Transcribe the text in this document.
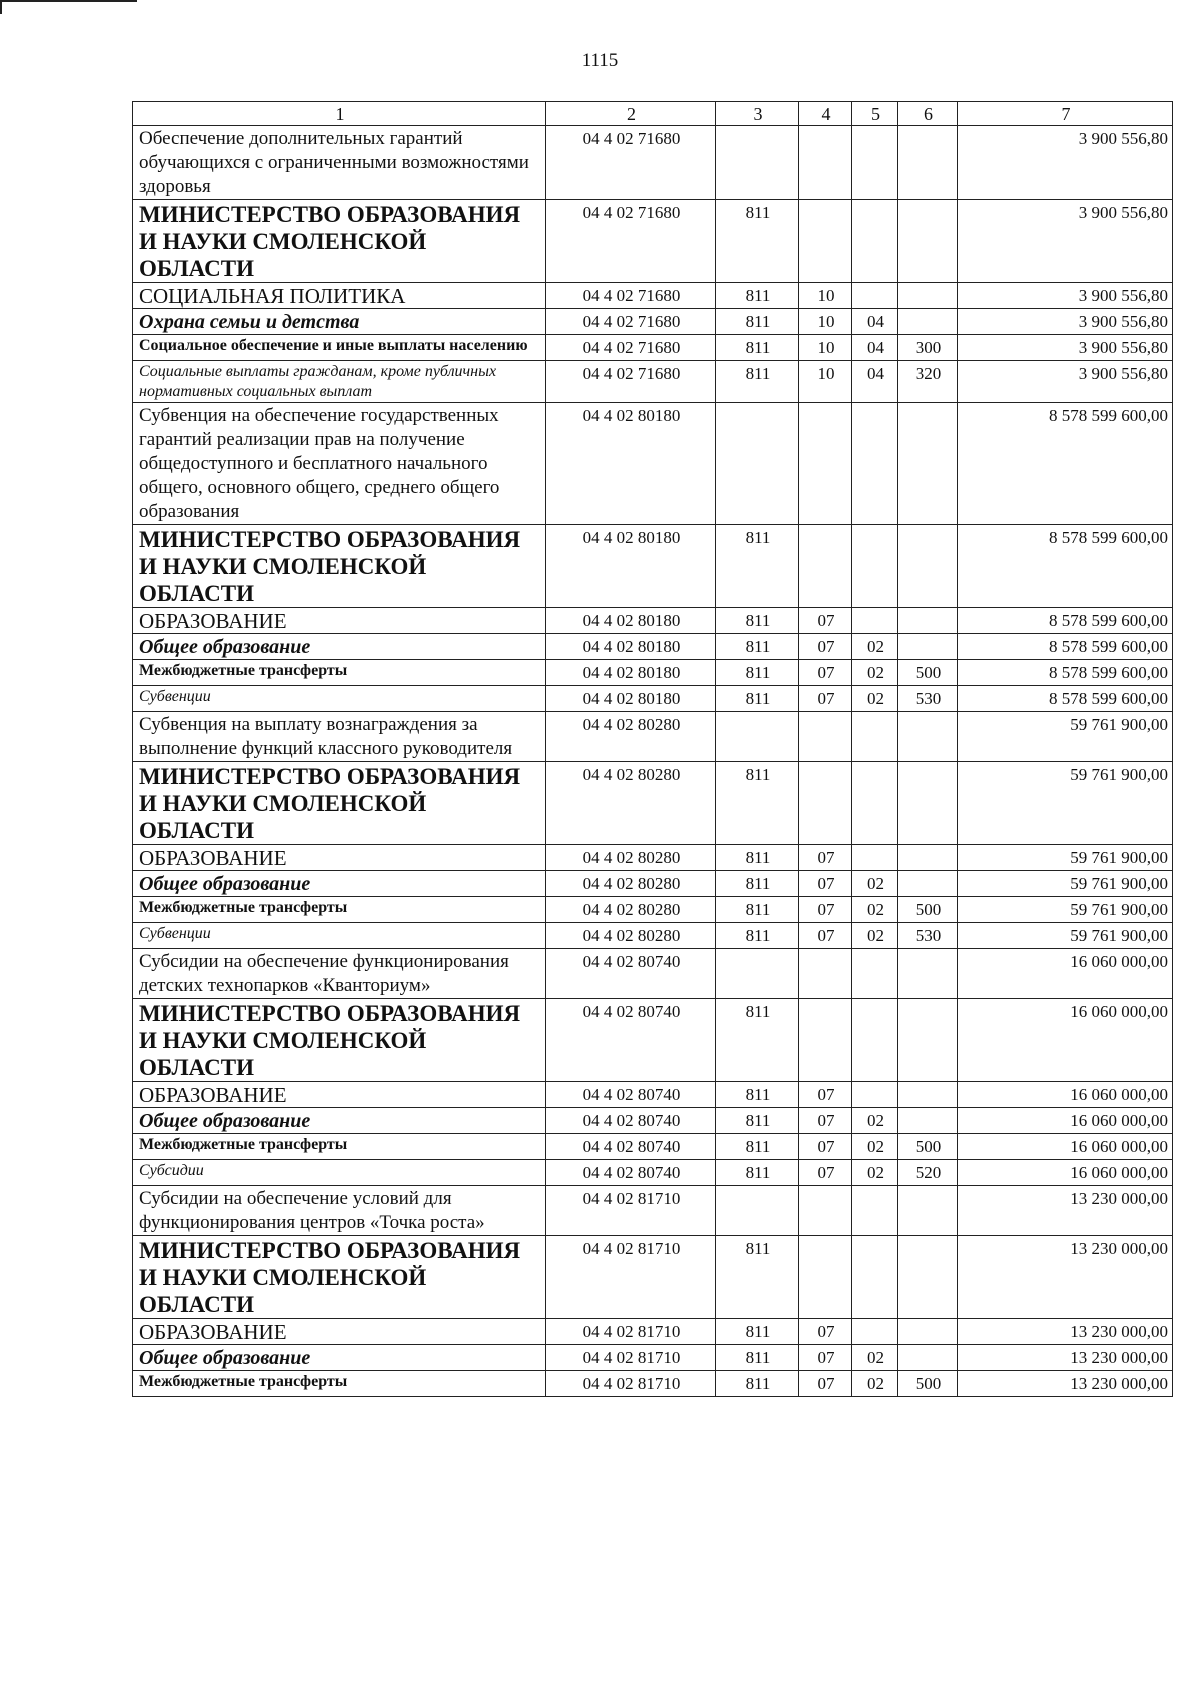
1115
1	2	3	4	5	6	7
Обеспечение дополнительных гарантий обучающихся с ограниченными возможностями здоровья	04 4 02 71680					3 900 556,80
МИНИСТЕРСТВО ОБРАЗОВАНИЯ И НАУКИ СМОЛЕНСКОЙ ОБЛАСТИ	04 4 02 71680	811				3 900 556,80
СОЦИАЛЬНАЯ ПОЛИТИКА	04 4 02 71680	811	10			3 900 556,80
Охрана семьи и детства	04 4 02 71680	811	10	04		3 900 556,80
Социальное обеспечение и иные выплаты населению	04 4 02 71680	811	10	04	300	3 900 556,80
Социальные выплаты гражданам, кроме публичных нормативных социальных выплат	04 4 02 71680	811	10	04	320	3 900 556,80
Субвенция на обеспечение государственных гарантий реализации прав на получение общедоступного и бесплатного начального общего, основного общего, среднего общего образования	04 4 02 80180					8 578 599 600,00
МИНИСТЕРСТВО ОБРАЗОВАНИЯ И НАУКИ СМОЛЕНСКОЙ ОБЛАСТИ	04 4 02 80180	811				8 578 599 600,00
ОБРАЗОВАНИЕ	04 4 02 80180	811	07			8 578 599 600,00
Общее образование	04 4 02 80180	811	07	02		8 578 599 600,00
Межбюджетные трансферты	04 4 02 80180	811	07	02	500	8 578 599 600,00
Субвенции	04 4 02 80180	811	07	02	530	8 578 599 600,00
Субвенция на выплату вознаграждения за выполнение функций классного руководителя	04 4 02 80280					59 761 900,00
МИНИСТЕРСТВО ОБРАЗОВАНИЯ И НАУКИ СМОЛЕНСКОЙ ОБЛАСТИ	04 4 02 80280	811				59 761 900,00
ОБРАЗОВАНИЕ	04 4 02 80280	811	07			59 761 900,00
Общее образование	04 4 02 80280	811	07	02		59 761 900,00
Межбюджетные трансферты	04 4 02 80280	811	07	02	500	59 761 900,00
Субвенции	04 4 02 80280	811	07	02	530	59 761 900,00
Субсидии на обеспечение функционирования детских технопарков «Кванториум»	04 4 02 80740					16 060 000,00
МИНИСТЕРСТВО ОБРАЗОВАНИЯ И НАУКИ СМОЛЕНСКОЙ ОБЛАСТИ	04 4 02 80740	811				16 060 000,00
ОБРАЗОВАНИЕ	04 4 02 80740	811	07			16 060 000,00
Общее образование	04 4 02 80740	811	07	02		16 060 000,00
Межбюджетные трансферты	04 4 02 80740	811	07	02	500	16 060 000,00
Субсидии	04 4 02 80740	811	07	02	520	16 060 000,00
Субсидии на обеспечение условий для функционирования центров «Точка роста»	04 4 02 81710					13 230 000,00
МИНИСТЕРСТВО ОБРАЗОВАНИЯ И НАУКИ СМОЛЕНСКОЙ ОБЛАСТИ	04 4 02 81710	811				13 230 000,00
ОБРАЗОВАНИЕ	04 4 02 81710	811	07			13 230 000,00
Общее образование	04 4 02 81710	811	07	02		13 230 000,00
Межбюджетные трансферты	04 4 02 81710	811	07	02	500	13 230 000,00
